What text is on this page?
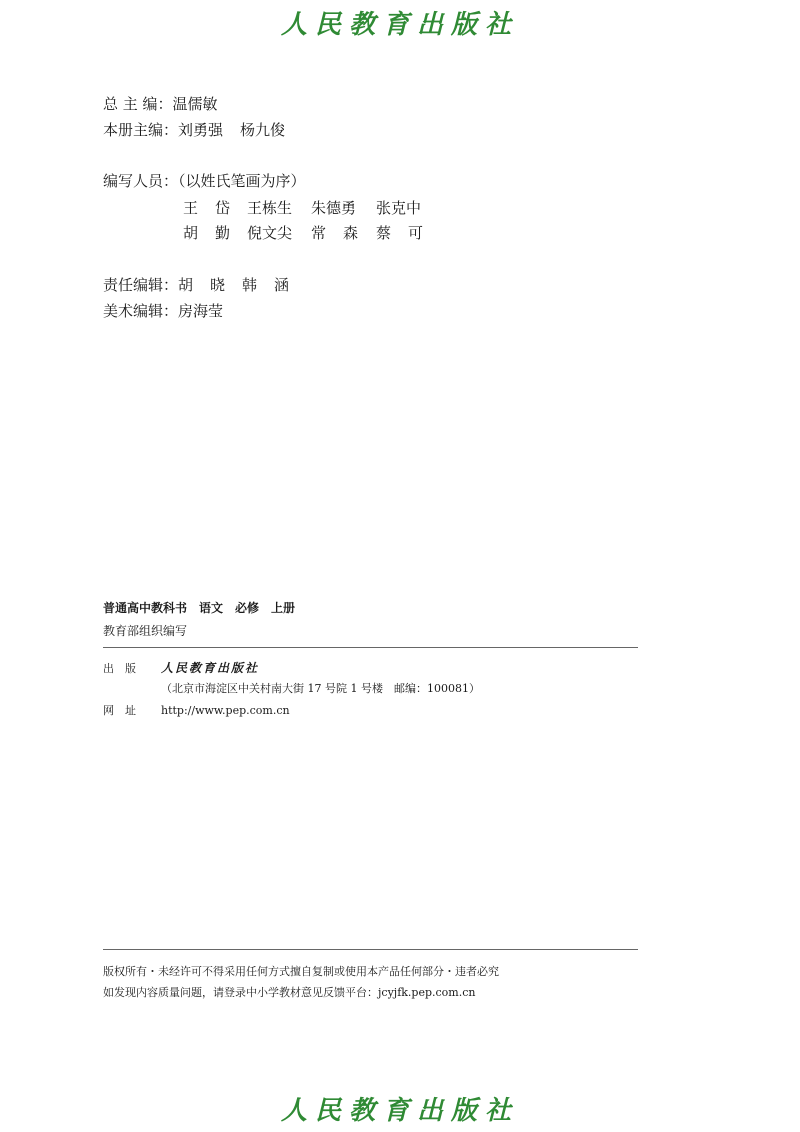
人民教育出版社
总 主 编：温儒敏
本册主编：刘勇强 杨九俊
编写人员：（以姓氏笔画为序）
王 岱 王栋生 朱德勇 张克中
胡 勤 倪文尖 常 森 蔡 可
责任编辑：胡 晓 韩 涵
美术编辑：房海莹
普通高中教科书 语文 必修 上册
教育部组织编写
出　版 人民教育出版社
（北京市海淀区中关村南大街 17 号院 1 号楼　邮编：100081）
网　址 http://www.pep.com.cn
版权所有・未经许可不得采用任何方式擅自复制或使用本产品任何部分・违者必究
如发现内容质量问题，请登录中小学教材意见反馈平台：jcyjfk.pep.com.cn
人民教育出版社
